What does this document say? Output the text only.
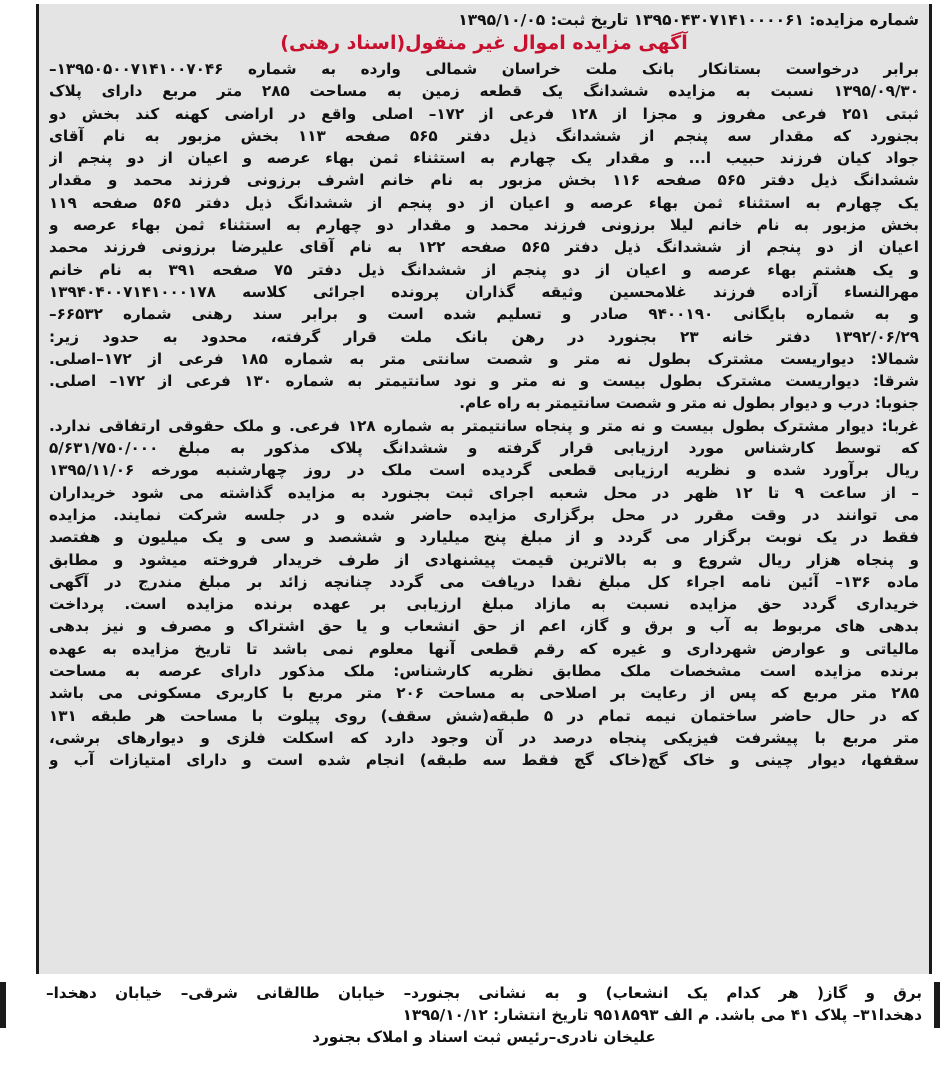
شماره مزایده: ۱۳۹۵۰۴۳۰۷۱۴۱۰۰۰۰۶۱ تاریخ ثبت: ۱۳۹۵/۱۰/۰۵
آگهی مزایده اموال غیر منقول(اسناد رهنی)
برابر درخواست بستانکار بانک ملت خراسان شمالی وارده به شماره ۱۳۹۵۰۵۰۰۷۱۴۱۰۰۷۰۴۶–
۱۳۹۵/۰۹/۳۰ نسبت به مزایده ششدانگ یک قطعه زمین به مساحت ۲۸۵ متر مربع دارای پلاک
ثبتی ۲۵۱ فرعی مفروز و مجزا از ۱۲۸ فرعی از ۱۷۲– اصلی واقع در اراضی کهنه کند بخش دو
بجنورد که مقدار سه پنجم از ششدانگ ذیل دفتر ۵۶۵ صفحه ۱۱۳ بخش مزبور به نام آقای
جواد کیان فرزند حبیب ا... و مقدار یک چهارم به استثناء ثمن بهاء عرصه و اعیان از دو پنجم از
ششدانگ ذیل دفتر ۵۶۵ صفحه ۱۱۶ بخش مزبور به نام خانم اشرف برزونی فرزند محمد و مقدار
یک چهارم به استثناء ثمن بهاء عرصه و اعیان از دو پنجم از ششدانگ ذیل دفتر ۵۶۵ صفحه ۱۱۹
بخش مزبور به نام خانم لیلا برزونی فرزند محمد و مقدار دو چهارم به استثناء ثمن بهاء عرصه و
اعیان از دو پنجم از ششدانگ ذیل دفتر ۵۶۵ صفحه ۱۲۲ به نام آقای علیرضا برزونی فرزند محمد
و یک هشتم بهاء عرصه و اعیان از دو پنجم از ششدانگ ذیل دفتر ۷۵ صفحه ۳۹۱ به نام خانم
مهرالنساء آزاده فرزند غلامحسین وثیقه گذاران پرونده اجرائی کلاسه ۱۳۹۴۰۴۰۰۷۱۴۱۰۰۰۱۷۸
و به شماره بایگانی ۹۴۰۰۱۹۰ صادر و تسلیم شده است و برابر سند رهنی شماره ۶۶۵۳۲–
۱۳۹۲/۰۶/۲۹ دفتر خانه ۲۳ بجنورد در رهن بانک ملت قرار گرفته، محدود به حدود زیر:
شمالا: دیواریست مشترک بطول نه متر و شصت سانتی متر به شماره ۱۸۵ فرعی از ۱۷۲–اصلی.
شرقا: دیواریست مشترک بطول بیست و نه متر و نود سانتیمتر به شماره ۱۳۰ فرعی از ۱۷۲– اصلی.
جنوبا: درب و دیوار بطول نه متر و شصت سانتیمتر به راه عام.
غربا: دیوار مشترک بطول بیست و نه متر و پنجاه سانتیمتر به شماره ۱۲۸ فرعی. و ملک حقوقی ارتفاقی ندارد.
که توسط کارشناس مورد ارزیابی قرار گرفته و ششدانگ پلاک مذکور به مبلغ ۵/۶۳۱/۷۵۰/۰۰۰
ریال برآورد شده و نظریه ارزیابی قطعی گردیده است ملک در روز چهارشنبه مورخه ۱۳۹۵/۱۱/۰۶
– از ساعت ۹ تا ۱۲ ظهر در محل شعبه اجرای ثبت بجنورد به مزایده گذاشته می شود خریداران
می توانند در وقت مقرر در محل برگزاری مزایده حاضر شده و در جلسه شرکت نمایند. مزایده
فقط در یک نوبت برگزار می گردد و از مبلغ پنج میلیارد و ششصد و سی و یک میلیون و هفتصد
و پنجاه هزار ریال شروع و به بالاترین قیمت پیشنهادی از طرف خریدار فروخته میشود و مطابق
ماده ۱۳۶– آئین نامه اجراء کل مبلغ نقدا دریافت می گردد چنانچه زائد بر مبلغ مندرج در آگهی
خریداری گردد حق مزایده نسبت به مازاد مبلغ ارزیابی بر عهده برنده مزایده است. پرداخت
بدهی های مربوط به آب و برق و گاز، اعم از حق انشعاب و یا حق اشتراک و مصرف و نیز بدهی
مالیاتی و عوارض شهرداری و غیره که رقم قطعی آنها معلوم نمی باشد تا تاریخ مزایده به عهده
برنده مزایده است مشخصات ملک مطابق نظریه کارشناس: ملک مذکور دارای عرصه به مساحت
۲۸۵ متر مربع که پس از رعایت بر اصلاحی به مساحت ۲۰۶ متر مربع با کاربری مسکونی می باشد
که در حال حاضر ساختمان نیمه تمام در ۵ طبقه(شش سقف) روی پیلوت با مساحت هر طبقه ۱۳۱
متر مربع با پیشرفت فیزیکی پنجاه درصد در آن وجود دارد که اسکلت فلزی و دیوارهای برشی،
سقفها، دیوار چینی و خاک گچ(خاک گچ فقط سه طبقه) انجام شده است و دارای امتیازات آب و
برق و گاز( هر کدام یک انشعاب) و به نشانی بجنورد– خیابان طالقانی شرقی– خیابان دهخدا–
دهخدا۳۱– پلاک ۴۱ می باشد. م الف ۹۵۱۸۵۹۳ تاریخ انتشار: ۱۳۹۵/۱۰/۱۲
علیخان نادری–رئیس ثبت اسناد و املاک بجنورد
